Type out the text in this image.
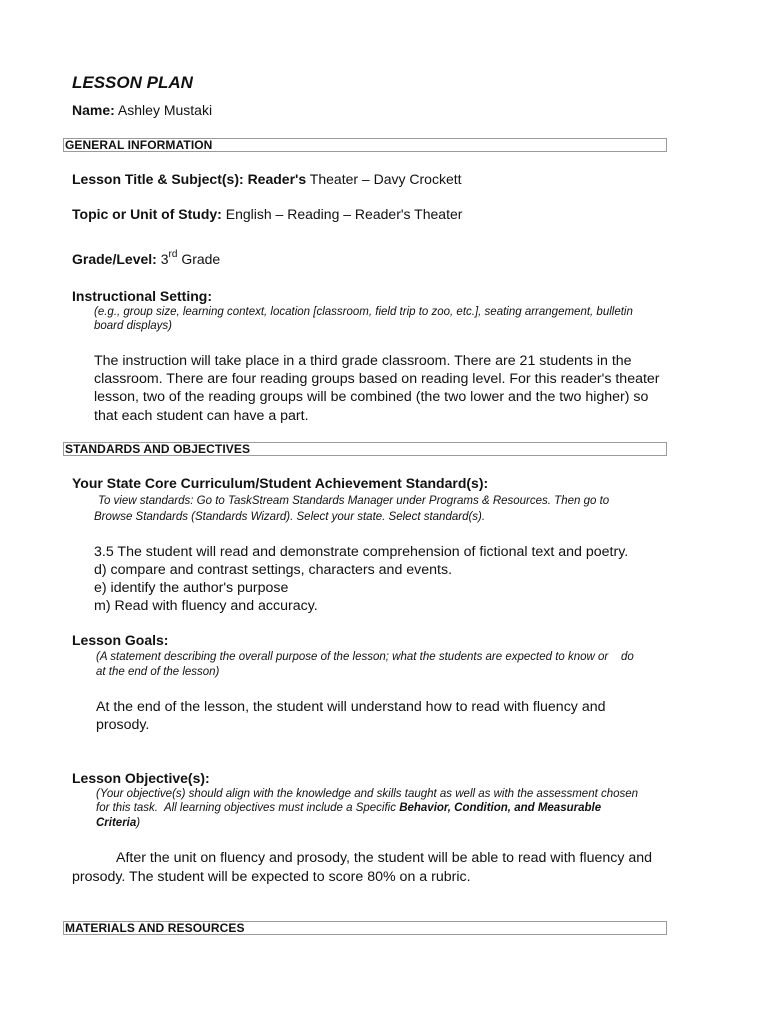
LESSON PLAN
Name: Ashley Mustaki
GENERAL INFORMATION
Lesson Title & Subject(s): Reader's Theater – Davy Crockett
Topic or Unit of Study: English – Reading – Reader's Theater
Grade/Level: 3rd Grade
Instructional Setting:
(e.g., group size, learning context, location [classroom, field trip to zoo, etc.], seating arrangement, bulletin
board displays)
The instruction will take place in a third grade classroom. There are 21 students in the
classroom. There are four reading groups based on reading level. For this reader's theater
lesson, two of the reading groups will be combined (the two lower and the two higher) so
that each student can have a part.
STANDARDS AND OBJECTIVES
Your State Core Curriculum/Student Achievement Standard(s):
To view standards: Go to TaskStream Standards Manager under Programs & Resources. Then go to
Browse Standards (Standards Wizard). Select your state. Select standard(s).
3.5 The student will read and demonstrate comprehension of fictional text and poetry.
d) compare and contrast settings, characters and events.
e) identify the author's purpose
m) Read with fluency and accuracy.
Lesson Goals:
(A statement describing the overall purpose of the lesson; what the students are expected to know or    do
at the end of the lesson)
At the end of the lesson, the student will understand how to read with fluency and
prosody.
Lesson Objective(s):
(Your objective(s) should align with the knowledge and skills taught as well as with the assessment chosen
for this task.  All learning objectives must include a Specific Behavior, Condition, and Measurable
Criteria)
After the unit on fluency and prosody, the student will be able to read with fluency and
prosody. The student will be expected to score 80% on a rubric.
MATERIALS AND RESOURCES
